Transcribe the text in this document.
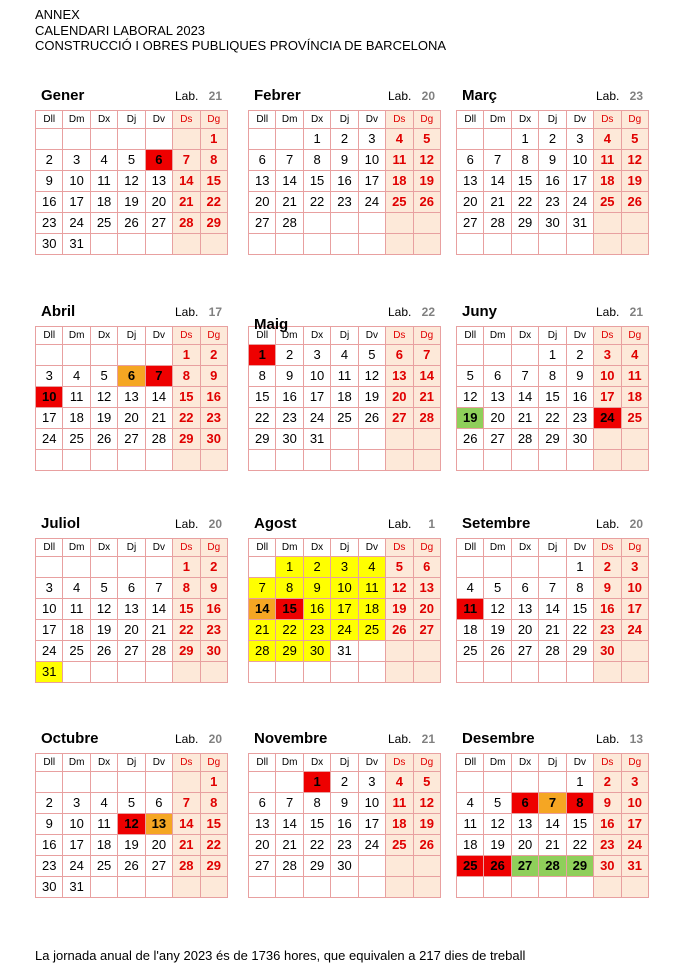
ANNEX
CALENDARI LABORAL 2023
CONSTRUCCIÓ I OBRES PUBLIQUES PROVÍNCIA DE BARCELONA
Gener	Lab. 21
Dll	Dm	Dx	Dj	Dv	Ds	Dg
						1
2	3	4	5	6	7	8
9	10	11	12	13	14	15
16	17	18	19	20	21	22
23	24	25	26	27	28	29
30	31					
Febrer	Lab. 20
Dll	Dm	Dx	Dj	Dv	Ds	Dg
		1	2	3	4	5
6	7	8	9	10	11	12
13	14	15	16	17	18	19
20	21	22	23	24	25	26
27	28					

Març	Lab. 23
Dll	Dm	Dx	Dj	Dv	Ds	Dg
		1	2	3	4	5
6	7	8	9	10	11	12
13	14	15	16	17	18	19
20	21	22	23	24	25	26
27	28	29	30	31		

Abril	Lab. 17
Dll	Dm	Dx	Dj	Dv	Ds	Dg
					1	2
3	4	5	6	7	8	9
10	11	12	13	14	15	16
17	18	19	20	21	22	23
24	25	26	27	28	29	30

Maig
Lab. 22
Dll	Dm	Dx	Dj	Dv	Ds	Dg
1	2	3	4	5	6	7
8	9	10	11	12	13	14
15	16	17	18	19	20	21
22	23	24	25	26	27	28
29	30	31				

Juny	Lab. 21
Dll	Dm	Dx	Dj	Dv	Ds	Dg
			1	2	3	4
5	6	7	8	9	10	11
12	13	14	15	16	17	18
19	20	21	22	23	24	25
26	27	28	29	30		

Juliol	Lab. 20
Dll	Dm	Dx	Dj	Dv	Ds	Dg
					1	2
3	4	5	6	7	8	9
10	11	12	13	14	15	16
17	18	19	20	21	22	23
24	25	26	27	28	29	30
31						
Agost	Lab. 1
Dll	Dm	Dx	Dj	Dv	Ds	Dg
	1	2	3	4	5	6
7	8	9	10	11	12	13
14	15	16	17	18	19	20
21	22	23	24	25	26	27
28	29	30	31			

Setembre	Lab. 20
Dll	Dm	Dx	Dj	Dv	Ds	Dg
				1	2	3
4	5	6	7	8	9	10
11	12	13	14	15	16	17
18	19	20	21	22	23	24
25	26	27	28	29	30	

Octubre	Lab. 20
Dll	Dm	Dx	Dj	Dv	Ds	Dg
						1
2	3	4	5	6	7	8
9	10	11	12	13	14	15
16	17	18	19	20	21	22
23	24	25	26	27	28	29
30	31					
Novembre	Lab. 21
Dll	Dm	Dx	Dj	Dv	Ds	Dg
		1	2	3	4	5
6	7	8	9	10	11	12
13	14	15	16	17	18	19
20	21	22	23	24	25	26
27	28	29	30			

Desembre	Lab. 13
Dll	Dm	Dx	Dj	Dv	Ds	Dg
				1	2	3
4	5	6	7	8	9	10
11	12	13	14	15	16	17
18	19	20	21	22	23	24
25	26	27	28	29	30	31

La jornada anual de l'any 2023 és de 1736 hores, que equivalen a 217 dies de treball
